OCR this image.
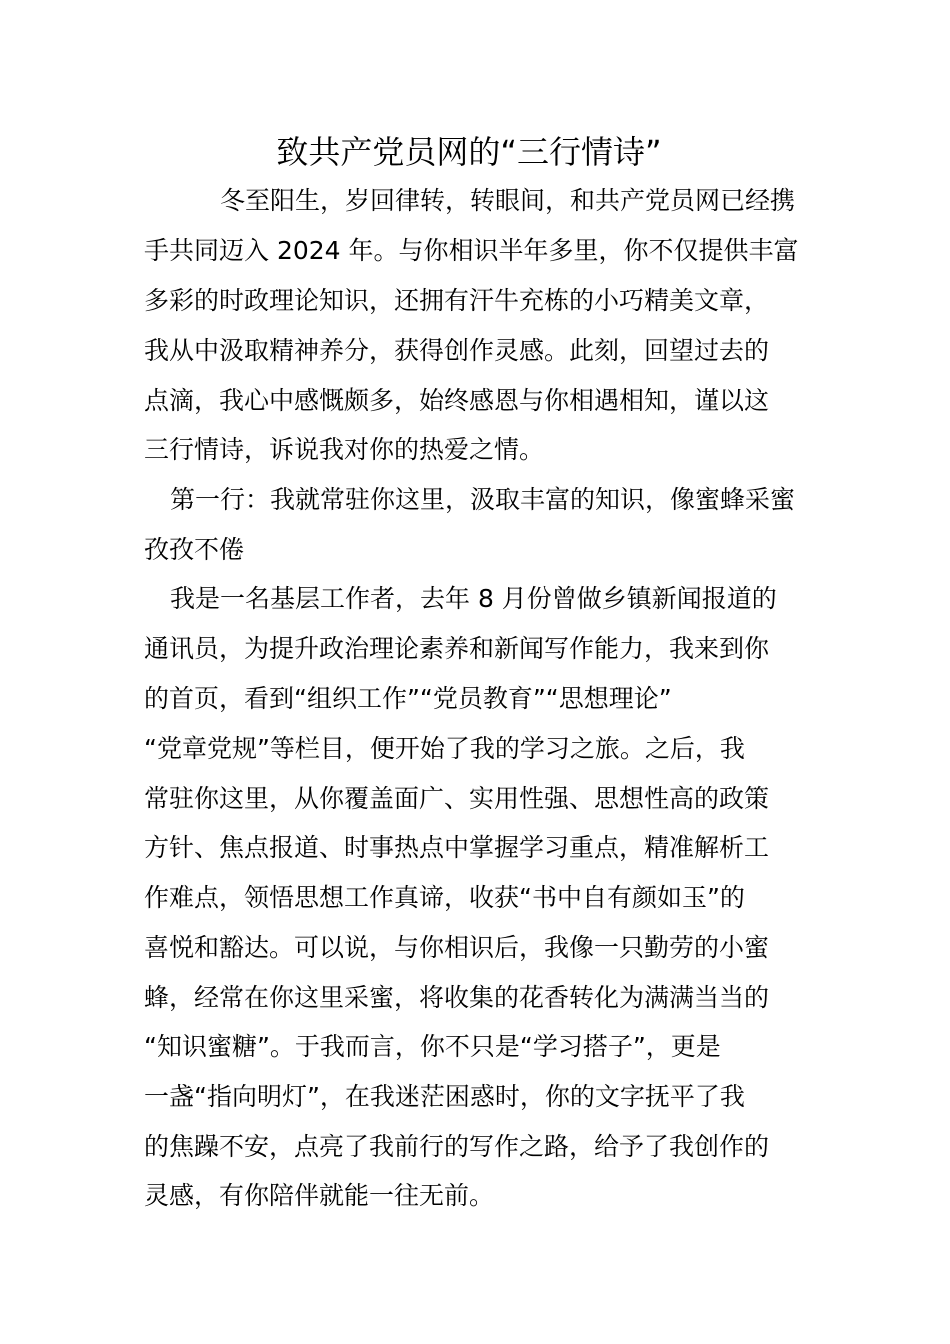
致共产党员网的“三行情诗”
冬至阳生，岁回律转，转眼间，和共产党员网已经携
手共同迈入 2024 年。与你相识半年多里，你不仅提供丰富
多彩的时政理论知识，还拥有汗牛充栋的小巧精美文章，
我从中汲取精神养分，获得创作灵感。此刻，回望过去的
点滴，我心中感慨颇多，始终感恩与你相遇相知，谨以这
三行情诗，诉说我对你的热爱之情。
第一行：我就常驻你这里，汲取丰富的知识，像蜜蜂采蜜
孜孜不倦
我是一名基层工作者，去年 8 月份曾做乡镇新闻报道的
通讯员，为提升政治理论素养和新闻写作能力，我来到你
的首页，看到“组织工作”“党员教育”“思想理论”
“党章党规”等栏目，便开始了我的学习之旅。之后，我
常驻你这里，从你覆盖面广、实用性强、思想性高的政策
方针、焦点报道、时事热点中掌握学习重点，精准解析工
作难点，领悟思想工作真谛，收获“书中自有颜如玉”的
喜悦和豁达。可以说，与你相识后，我像一只勤劳的小蜜
蜂，经常在你这里采蜜，将收集的花香转化为满满当当的
“知识蜜糖”。于我而言，你不只是“学习搭子”，更是
一盏“指向明灯”，在我迷茫困惑时，你的文字抚平了我
的焦躁不安，点亮了我前行的写作之路，给予了我创作的
灵感，有你陪伴就能一往无前。
